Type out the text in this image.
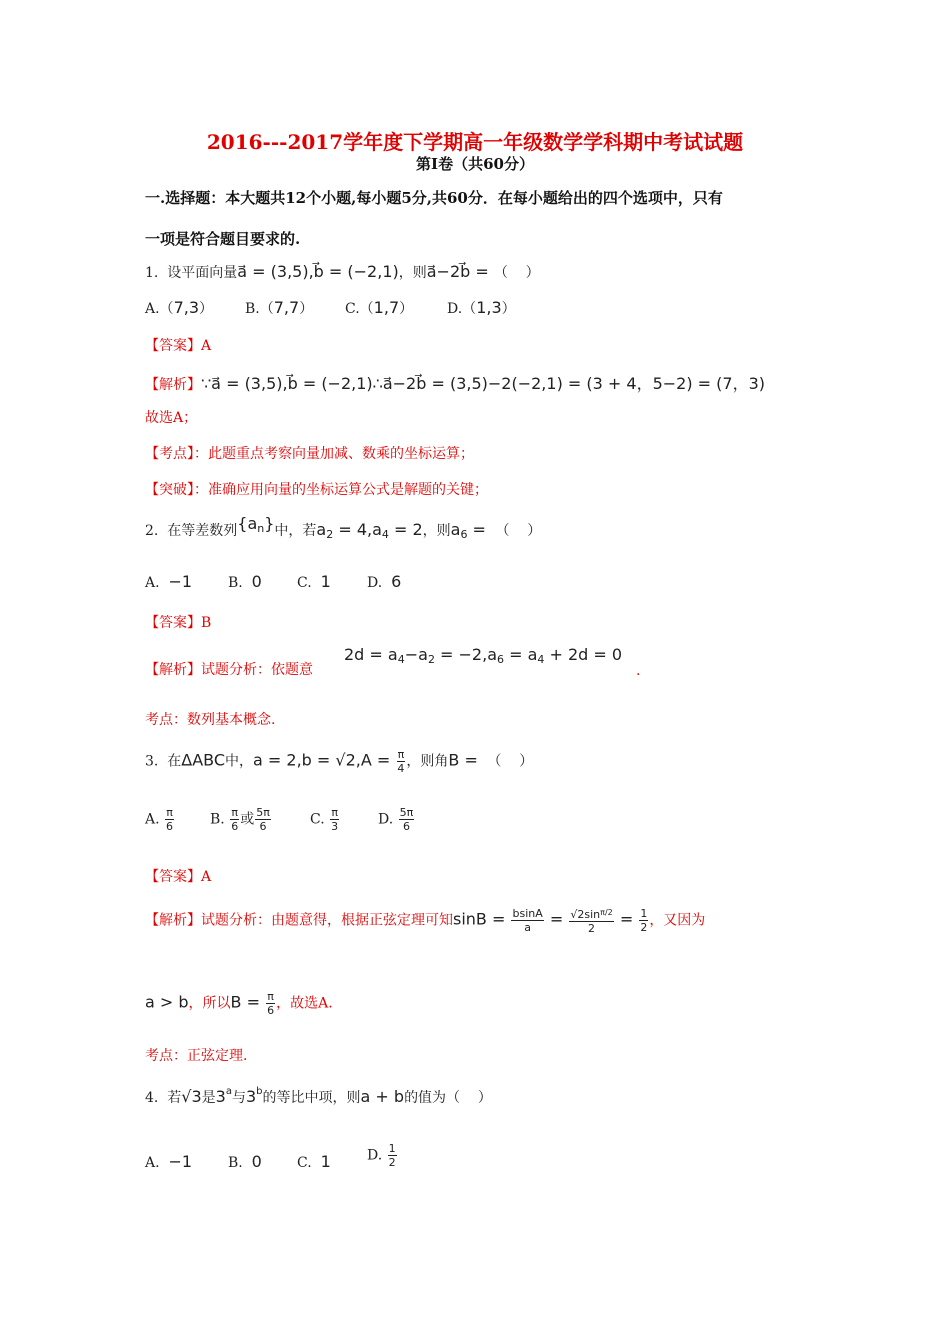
2016---2017学年度下学期高一年级数学学科期中考试试题
第Ⅰ卷（共60分）
一.选择题：本大题共12个小题,每小题5分,共60分．在每小题给出的四个选项中，只有
一项是符合题目要求的.
1.  设平面向量a⃗ = (3,5),b⃗ = (−2,1)，则a⃗−2b⃗ = （    ）
A.（7,3） B.（7,7） C.（1,7） D.（1,3）
【答案】A
【解析】∵a⃗ = (3,5),b⃗ = (−2,1)∴a⃗−2b⃗ = (3,5)−2(−2,1) = (3 + 4，5−2) = (7，3)
故选A；
【考点】：此题重点考察向量加减、数乘的坐标运算；
【突破】：准确应用向量的坐标运算公式是解题的关键；
2.  在等差数列$\{a_n\}$中，若$a_2 = 4,a_4 = 2$，则$a_6$ =  （    ）
A.  −1	B.  0	C.  1	D.  6
【答案】B
【解析】试题分析：依题意
$2d = a_4-a_2 = -2,a_6 = a_4 + 2d = 0$
.
考点：数列基本概念.
3.  在ΔABC中，$a = 2,b = √2,A = \frac{\pi}{4}$ ，则角B =  （    ）
A. $\frac{\pi}{6}$	B. $\frac{\pi}{6}$ 或 $\frac{5\pi}{6}$	C. $\frac{\pi}{3}$	D. $\frac{5\pi}{6}$
【答案】A
【解析】试题分析：由题意得，根据正弦定理可知$\sin B = \frac{bsinA}{a} = \frac{√2\sin^{\pi/2}}{2} = \frac{1}{2}$ ，又因为
a > b，所以$B = \frac{\pi}{6}$ ，故选A.
考点：正弦定理.
4.  若√3是3$^a$与3$^b$的等比中项，则a + b的值为（    ）
A.  −1	B.  0	C.  1	D. $\frac{1}{2}$
